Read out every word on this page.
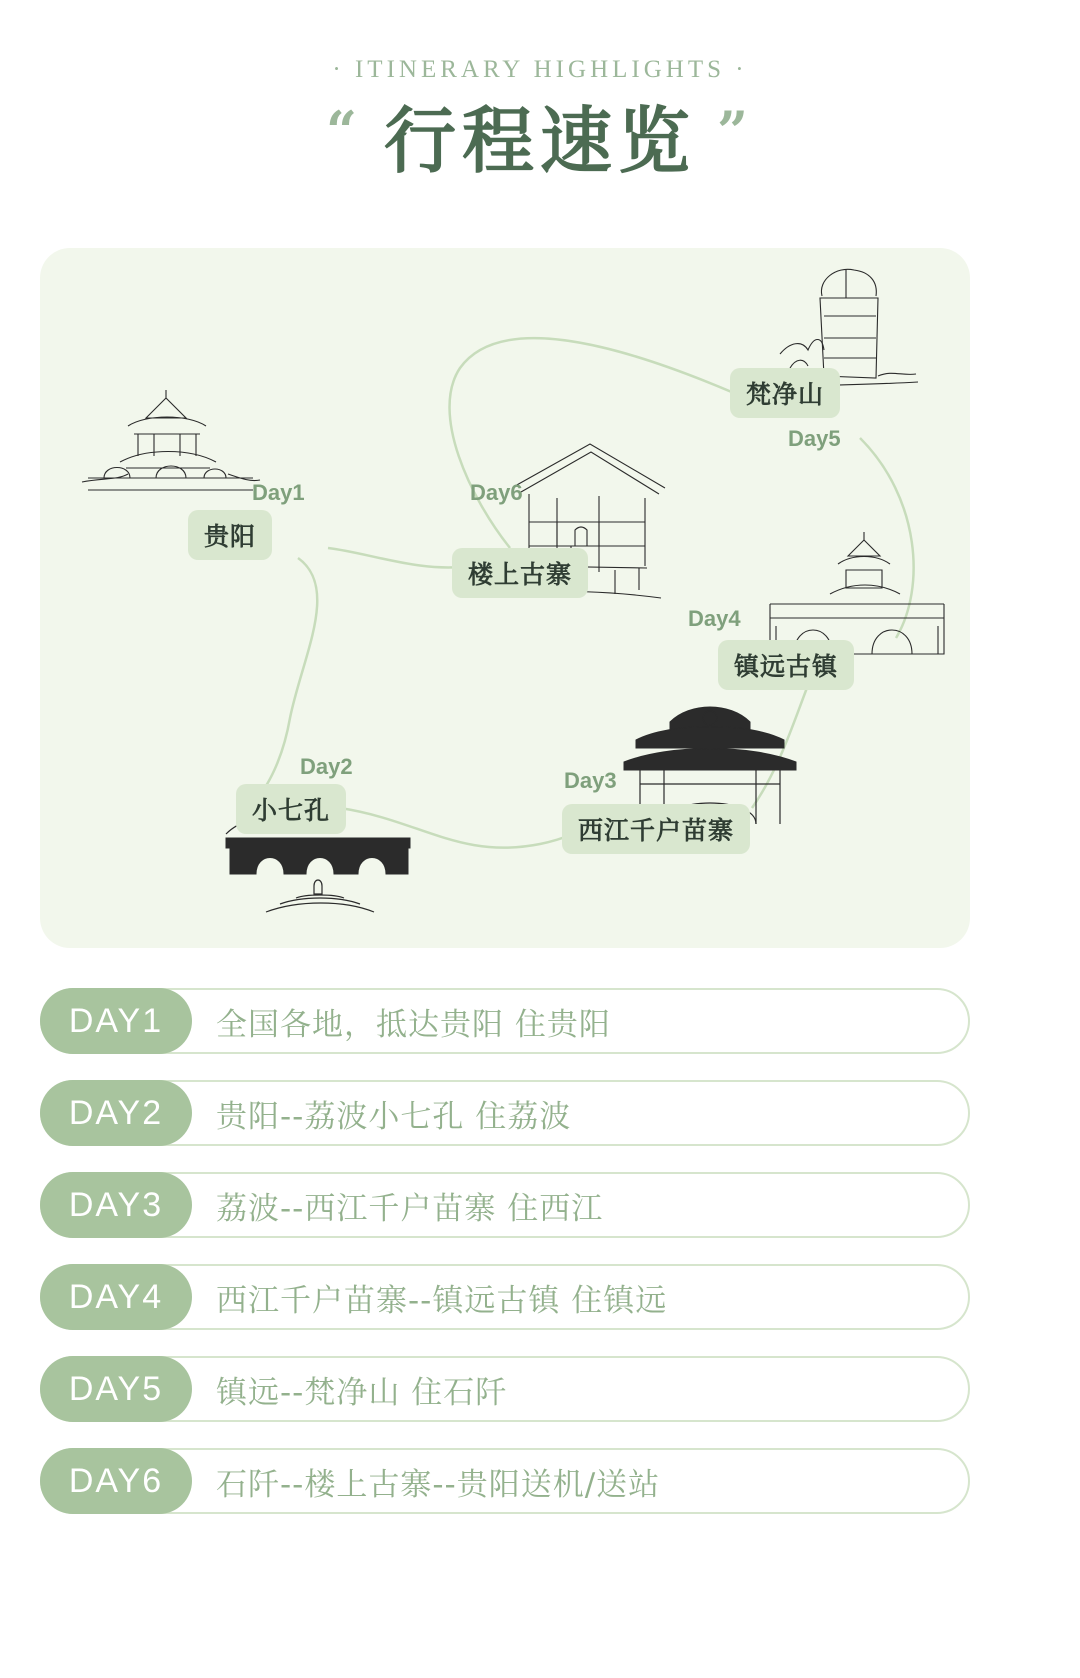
· ITINERARY HIGHLIGHTS ·
“ 行程速览 ”
Day1
贵阳
Day2
小七孔
Day3
西江千户苗寨
Day4
镇远古镇
Day5
梵净山
Day6
楼上古寨
DAY1	全国各地，抵达贵阳 住贵阳
DAY2	贵阳--荔波小七孔 住荔波
DAY3	荔波--西江千户苗寨 住西江
DAY4	西江千户苗寨--镇远古镇 住镇远
DAY5	镇远--梵净山 住石阡
DAY6	石阡--楼上古寨--贵阳送机/送站
